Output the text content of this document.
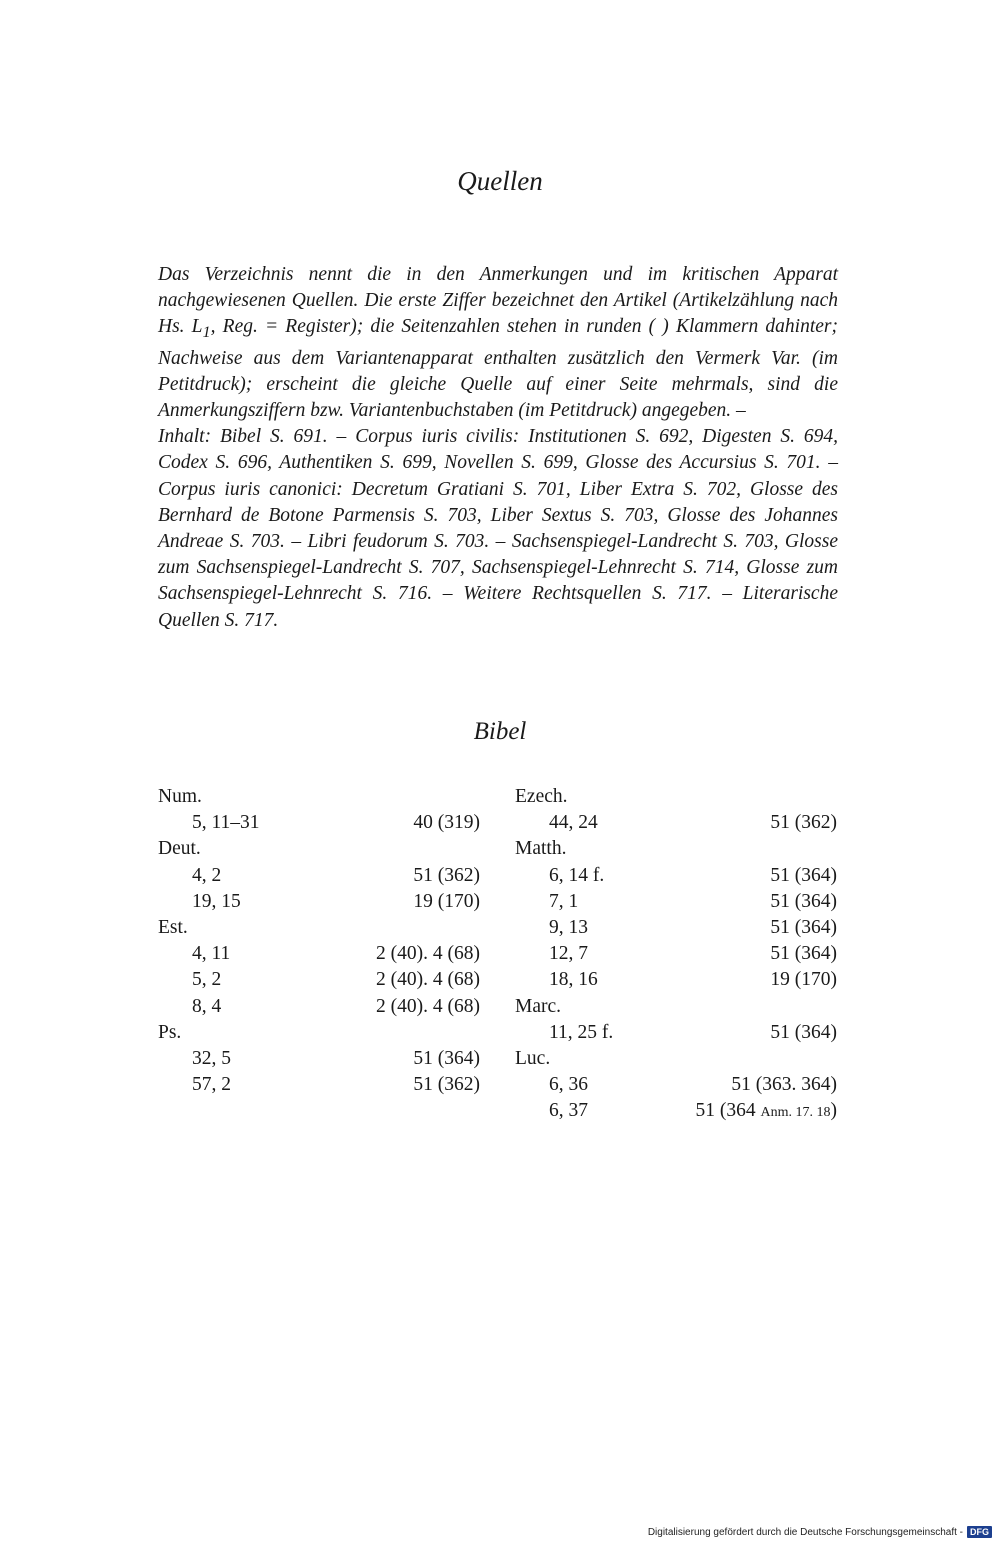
Quellen

Das Verzeichnis nennt die in den Anmerkungen und im kritischen Apparat nachgewiesenen Quellen. Die erste Ziffer bezeichnet den Artikel (Artikelzählung nach Hs. $L_1$, Reg. = Register); die Seitenzahlen stehen in runden ( ) Klammern dahinter; Nachweise aus dem Variantenapparat enthalten zusätzlich den Vermerk Var. (im Petitdruck); erscheint die gleiche Quelle auf einer Seite mehrmals, sind die Anmerkungsziffern bzw. Variantenbuchstaben (im Petitdruck) angegeben. –

Inhalt: Bibel S. 691. – Corpus iuris civilis: Institutionen S. 692, Digesten S. 694, Codex S. 696, Authentiken S. 699, Novellen S. 699, Glosse des Accursius S. 701. – Corpus iuris canonici: Decretum Gratiani S. 701, Liber Extra S. 702, Glosse des Bernhard de Botone Parmensis S. 703, Liber Sextus S. 703, Glosse des Johannes Andreae S. 703. – Libri feudorum S. 703. – Sachsenspiegel-Landrecht S. 703, Glosse zum Sachsenspiegel-Landrecht S. 707, Sachsenspiegel-Lehnrecht S. 714, Glosse zum Sachsenspiegel-Lehnrecht S. 716. – Weitere Rechtsquellen S. 717. – Literarische Quellen S. 717.

Bibel
Num.
5, 11–31	40 (319)
Deut.
4, 2	51 (362)
19, 15	19 (170)
Est.
4, 11	2 (40). 4 (68)
5, 2	2 (40). 4 (68)
8, 4	2 (40). 4 (68)
Ps.
32, 5	51 (364)
57, 2	51 (362)
Ezech.
44, 24	51 (362)
Matth.
6, 14 f.	51 (364)
7, 1	51 (364)
9, 13	51 (364)
12, 7	51 (364)
18, 16	19 (170)
Marc.
11, 25 f.	51 (364)
Luc.
6, 36	51 (363. 364)
6, 37	51 (364 Anm. 17. 18)
Digitalisierung gefördert durch die Deutsche Forschungsgemeinschaft - DFG
